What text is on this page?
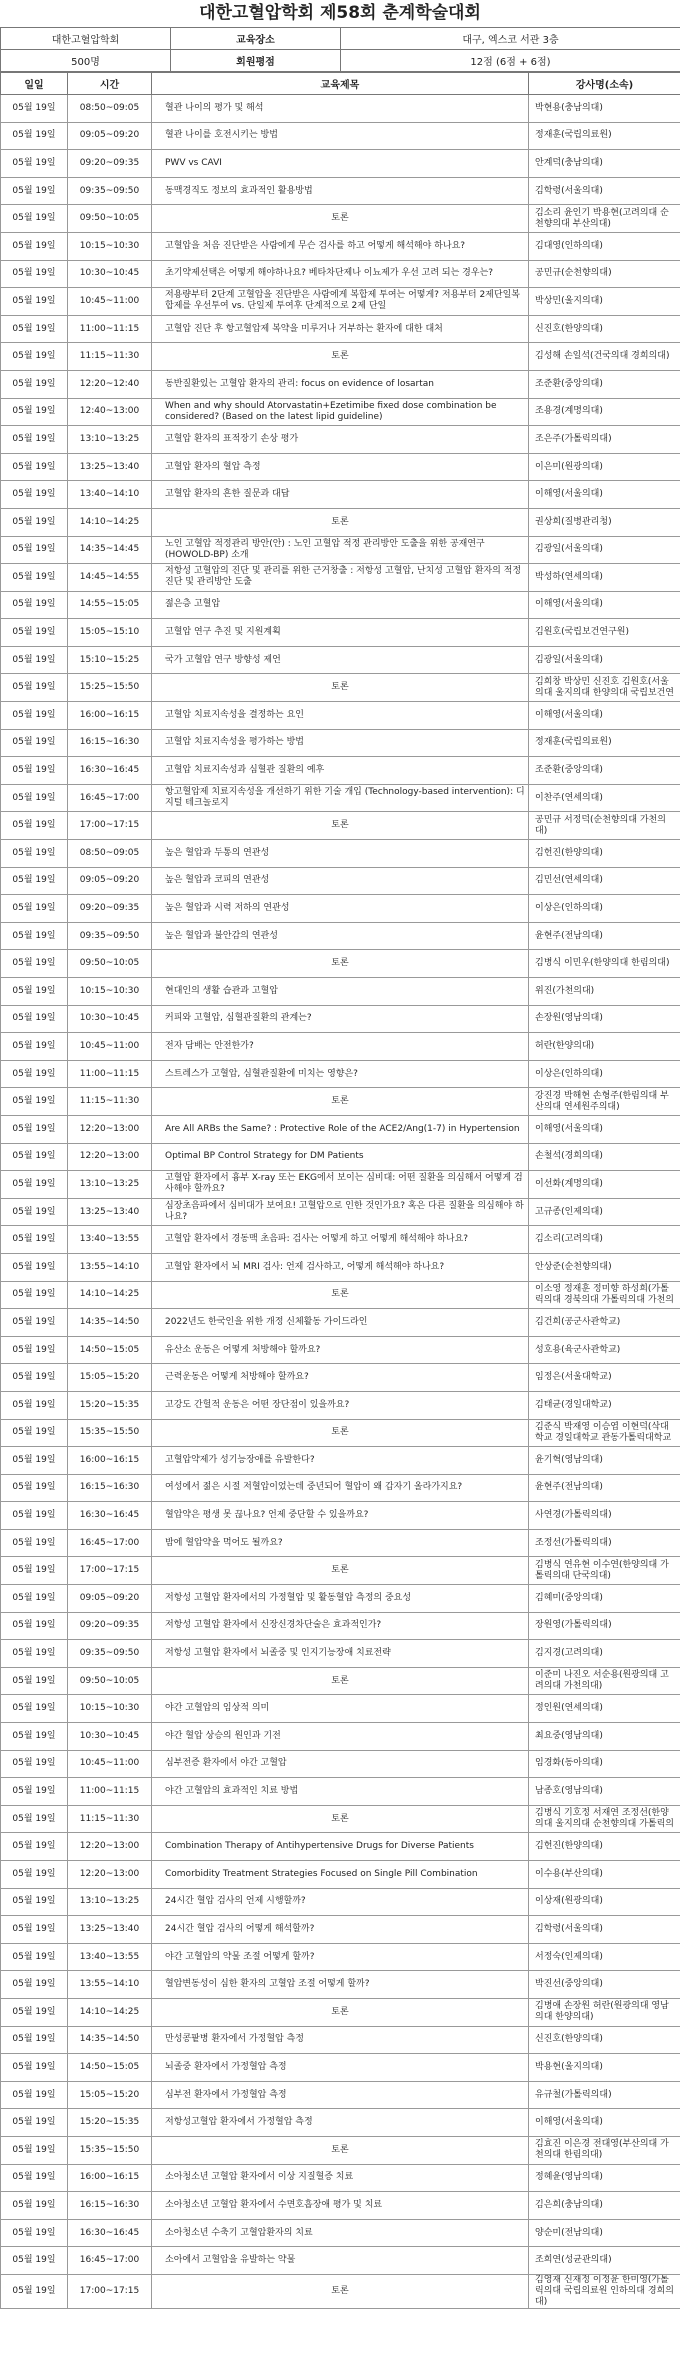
대한고혈압학회 제58회 춘계학술대회
대한고혈압학회	교육장소	대구, 엑스코 서관 3층
500명	회원평점	12점 (6점 + 6점)
일일	시간	교육제목	강사명(소속)
05월 19일	08:50~09:05	혈관 나이의 평가 및 해석	박현용(충남의대)
05월 19일	09:05~09:20	혈관 나이를 호전시키는 방법	정재훈(국립의료원)
05월 19일	09:20~09:35	PWV vs CAVI	안계덕(충남의대)
05월 19일	09:35~09:50	동맥경직도 정보의 효과적인 활용방법	김학령(서울의대)
05월 19일	09:50~10:05	토론	김소리 윤인기 박용현(고려의대 순천향의대 부산의대)
05월 19일	10:15~10:30	고혈압을 처음 진단받은 사람에게 무슨 검사를 하고 어떻게 해석해야 하나요?	김대영(인하의대)
05월 19일	10:30~10:45	초기약제선택은 어떻게 해야하나요? 베타차단제나 이뇨제가 우선 고려 되는 경우는?	공민규(순천향의대)
05월 19일	10:45~11:00	저용량부터 2단계 고혈압을 진단받은 사람에게 복합제 투여는 어떻게? 저용부터 2제단일복합제를 우선투여 vs. 단일제 투여후 단계적으로 2제 단일	박상민(울지의대)
05월 19일	11:00~11:15	고혈압 진단 후 항고혈압제 복약을 미루거나 거부하는 환자에 대한 대처	신진호(한양의대)
05월 19일	11:15~11:30	토론	김성해 손일석(건국의대 경희의대)
05월 19일	12:20~12:40	동반질환있는 고혈압 환자의 관리: focus on evidence of losartan	조준환(중앙의대)
05월 19일	12:40~13:00	When and why should Atorvastatin+Ezetimibe fixed dose combination be considered? (Based on the latest lipid guideline)	조용경(계명의대)
05월 19일	13:10~13:25	고혈압 환자의 표적장기 손상 평가	조은주(가톨릭의대)
05월 19일	13:25~13:40	고혈압 환자의 혈압 측정	이은미(원광의대)
05월 19일	13:40~14:10	고혈압 환자의 흔한 질문과 대답	이해영(서울의대)
05월 19일	14:10~14:25	토론	권상희(질병관리청)
05월 19일	14:35~14:45	노인 고혈압 적정관리 방안(안) : 노인 고혈압 적정 관리방안 도출을 위한 공재연구 (HOWOLD-BP) 소개	김광일(서울의대)
05월 19일	14:45~14:55	저항성 고혈압의 진단 및 관리를 위한 근거창출 : 저항성 고혈압, 난치성 고혈압 환자의 적정 진단 및 관리방안 도출	박성하(연세의대)
05월 19일	14:55~15:05	젊은층 고혈압	이해영(서울의대)
05월 19일	15:05~15:10	고혈압 연구 추진 및 지원계획	김원호(국립보건연구원)
05월 19일	15:10~15:25	국가 고혈압 연구 방향성 제언	김광일(서울의대)
05월 19일	15:25~15:50	토론	김희창 박상민 신진호 김원호(서울의대 울지의대 한양의대 국립보건연
05월 19일	16:00~16:15	고혈압 치료지속성을 결정하는 요인	이해영(서울의대)
05월 19일	16:15~16:30	고혈압 치료지속성을 평가하는 방법	정재훈(국립의료원)
05월 19일	16:30~16:45	고혈압 치료지속성과 심혈관 질환의 예후	조준환(중앙의대)
05월 19일	16:45~17:00	항고혈압제 치료지속성을 개선하기 위한 기술 개입 (Technology-based intervention): 디지털 테크놀로지	이찬주(연세의대)
05월 19일	17:00~17:15	토론	공민규 서정덕(순천향의대 가천의대)
05월 19일	08:50~09:05	높은 혈압과 두통의 연관성	김헌진(한양의대)
05월 19일	09:05~09:20	높은 혈압과 코피의 연관성	김민선(연세의대)
05월 19일	09:20~09:35	높은 혈압과 시력 저하의 연관성	이상은(인하의대)
05월 19일	09:35~09:50	높은 혈압과 불안감의 연관성	윤현주(전남의대)
05월 19일	09:50~10:05	토론	김병식 이민우(한양의대 한림의대)
05월 19일	10:15~10:30	현대인의 생활 습관과 고혈압	위진(가천의대)
05월 19일	10:30~10:45	커피와 고혈압, 심혈관질환의 관계는?	손장원(영남의대)
05월 19일	10:45~11:00	전자 담배는 안전한가?	허란(한양의대)
05월 19일	11:00~11:15	스트레스가 고혈압, 심혈관질환에 미치는 영향은?	이상은(인하의대)
05월 19일	11:15~11:30	토론	강진경 박해현 손형주(한림의대 부산의대 연세원주의대)
05월 19일	12:20~13:00	Are All ARBs the Same? : Protective Role of the ACE2/Ang(1-7) in Hypertension	이해영(서울의대)
05월 19일	12:20~13:00	Optimal BP Control Strategy for DM Patients	손철석(경희의대)
05월 19일	13:10~13:25	고혈압 환자에서 흉부 X-ray 또는 EKG에서 보이는 심비대: 어떤 질환을 의심해서 어떻게 검사해야 할까요?	이선화(계명의대)
05월 19일	13:25~13:40	심장초음파에서 심비대가 보여요! 고혈압으로 인한 것인가요? 혹은 다른 질환을 의심해야 하나요?	고규종(인제의대)
05월 19일	13:40~13:55	고혈압 환자에서 경동맥 초음파: 검사는 어떻게 하고 어떻게 해석해야 하나요?	김소리(고려의대)
05월 19일	13:55~14:10	고혈압 환자에서 뇌 MRI 검사: 언제 검사하고, 어떻게 해석해야 하나요?	안상준(순천향의대)
05월 19일	14:10~14:25	토론	이소영 정재훈 정미향 하성희(가톨릭의대 경북의대 가톨릭의대 가천의
05월 19일	14:35~14:50	2022년도 한국인을 위한 개정 신체활동 가이드라인	김건희(공군사관학교)
05월 19일	14:50~15:05	유산소 운동은 어떻게 처방해야 할까요?	성호용(육군사관학교)
05월 19일	15:05~15:20	근력운동은 어떻게 처방해야 할까요?	임정은(서울대학교)
05월 19일	15:20~15:35	고강도 간헐적 운동은 어떤 장단점이 있을까요?	김태균(경일대학교)
05월 19일	15:35~15:50	토론	김준식 박재영 이승엽 이현덕(삭대학교 경일대학교 관동가톨릭대학교
05월 19일	16:00~16:15	고혈압약제가 성기능장애를 유발한다?	윤기혁(영남의대)
05월 19일	16:15~16:30	여성에서 젊은 시절 저혈압이었는데 중년되어 혈압이 왜 갑자기 올라가지요?	윤현주(전남의대)
05월 19일	16:30~16:45	혈압약은 평생 못 끊나요? 언제 중단할 수 있을까요?	사연경(가톨릭의대)
05월 19일	16:45~17:00	밤에 혈압약을 먹어도 될까요?	조정선(가톨릭의대)
05월 19일	17:00~17:15	토론	김병식 연유현 이수연(한양의대 가톨릭의대 단국의대)
05월 19일	09:05~09:20	저항성 고혈압 환자에서의 가정혈압 및 활동혈압 측정의 중요성	김혜미(중앙의대)
05월 19일	09:20~09:35	저항성 고혈압 환자에서 신장신경차단술은 효과적인가?	장원영(가톨릭의대)
05월 19일	09:35~09:50	저항성 고혈압 환자에서 뇌졸중 및 인지기능장애 치료전략	김지경(고려의대)
05월 19일	09:50~10:05	토론	이준미 나진오 서순용(원광의대 고려의대 가천의대)
05월 19일	10:15~10:30	야간 고혈압의 임상적 의미	정인원(연세의대)
05월 19일	10:30~10:45	야간 혈압 상승의 원인과 기전	최요중(영남의대)
05월 19일	10:45~11:00	심부전증 환자에서 야간 고혈압	임경화(동아의대)
05월 19일	11:00~11:15	야간 고혈압의 효과적인 치료 방법	남종호(영남의대)
05월 19일	11:15~11:30	토론	김병식 기호정 서재연 조정선(한양의대 울지의대 순천향의대 가톨릭의
05월 19일	12:20~13:00	Combination Therapy of Antihypertensive Drugs for Diverse Patients	김헌진(한양의대)
05월 19일	12:20~13:00	Comorbidity Treatment Strategies Focused on Single Pill Combination	이수용(부산의대)
05월 19일	13:10~13:25	24시간 혈압 검사의 언제 시행할까?	이상재(원광의대)
05월 19일	13:25~13:40	24시간 혈압 검사의 어떻게 해석할까?	김학령(서울의대)
05월 19일	13:40~13:55	야간 고혈압의 약물 조절 어떻게 할까?	서정숙(인제의대)
05월 19일	13:55~14:10	혈압변동성이 심한 환자의 고혈압 조절 어떻게 할까?	박진선(중앙의대)
05월 19일	14:10~14:25	토론	김병애 손장원 허란(원광의대 영남의대 한양의대)
05월 19일	14:35~14:50	만성콩팥병 환자에서 가정혈압 측정	신진호(한양의대)
05월 19일	14:50~15:05	뇌졸중 환자에서 가정혈압 측정	박용현(울지의대)
05월 19일	15:05~15:20	심부전 환자에서 가정혈압 측정	유규철(가톨릭의대)
05월 19일	15:20~15:35	저항성고혈압 환자에서 가정혈압 측정	이해영(서울의대)
05월 19일	15:35~15:50	토론	김효진 이은경 전대영(부산의대 가천의대 한림의대)
05월 19일	16:00~16:15	소아청소년 고혈압 환자에서 이상 지질혈증 치료	정혜윤(영남의대)
05월 19일	16:15~16:30	소아청소년 고혈압 환자에서 수면호흡장애 평가 및 치료	김은희(충남의대)
05월 19일	16:30~16:45	소아청소년 수축기 고혈압환자의 치료	양순미(전남의대)
05월 19일	16:45~17:00	소아에서 고혈압을 유발하는 약물	조희연(성균관의대)
05월 19일	17:00~17:15	토론	김영재 신재정 이정윤 한미영(가톨릭의대 국립의료원 인하의대 경희의대)
